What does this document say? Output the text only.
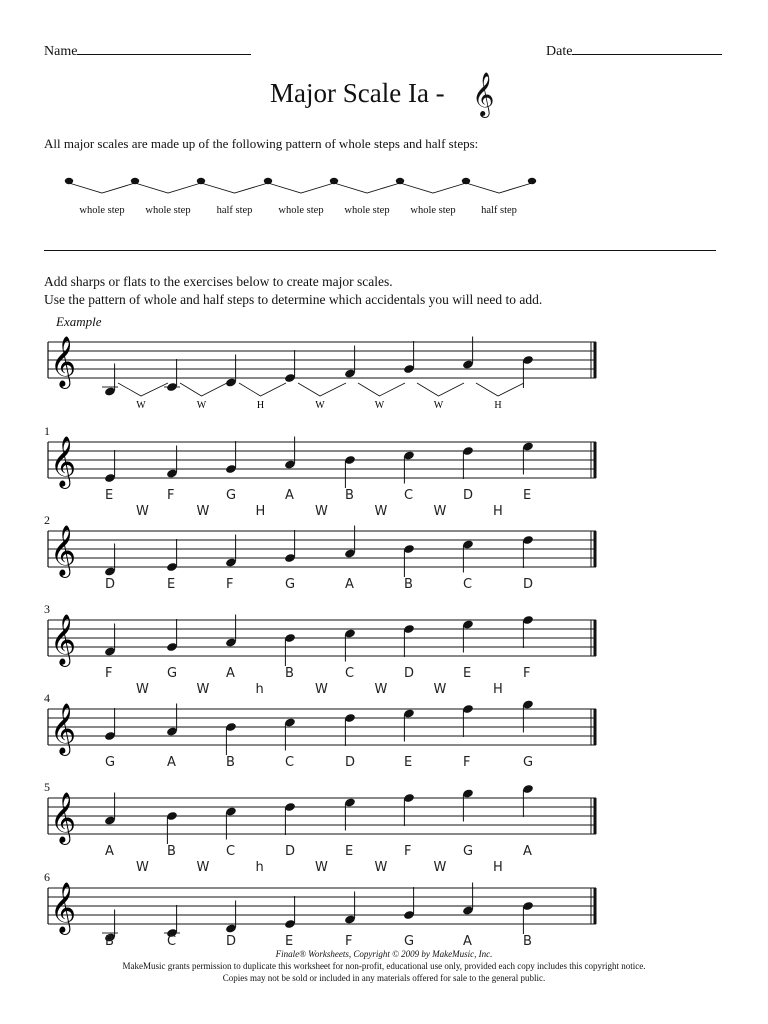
Name	Date
Major Scale Ia - 𝄞
All major scales are made up of the following pattern of whole steps and half steps:
whole step	whole step	half step	whole step	whole step	whole step	half step
Add sharps or flats to the exercises below to create major scales.
Use the pattern of whole and half steps to determine which accidentals you will need to add.
Example
𝄞
W	W	H	W	W	W	H
𝄞
𝄞
𝄞
𝄞
𝄞
𝄞
1
2
3
4
5
6
E	F	G	A	B	C	D	E
W	W	H	W	W	W	H
D	E	F	G	A	B	C	D
F	G	A	B	C	D	E	F
W	W	h	W	W	W	H
G	A	B	C	D	E	F	G
A	B	C	D	E	F	G	A
W	W	h	W	W	W	H
B	C	D	E	F	G	A	B
Finale® Worksheets, Copyright © 2009 by MakeMusic, Inc.
MakeMusic grants permission to duplicate this worksheet for non-profit, educational use only, provided each copy includes this copyright notice.
Copies may not be sold or included in any materials offered for sale to the general public.
